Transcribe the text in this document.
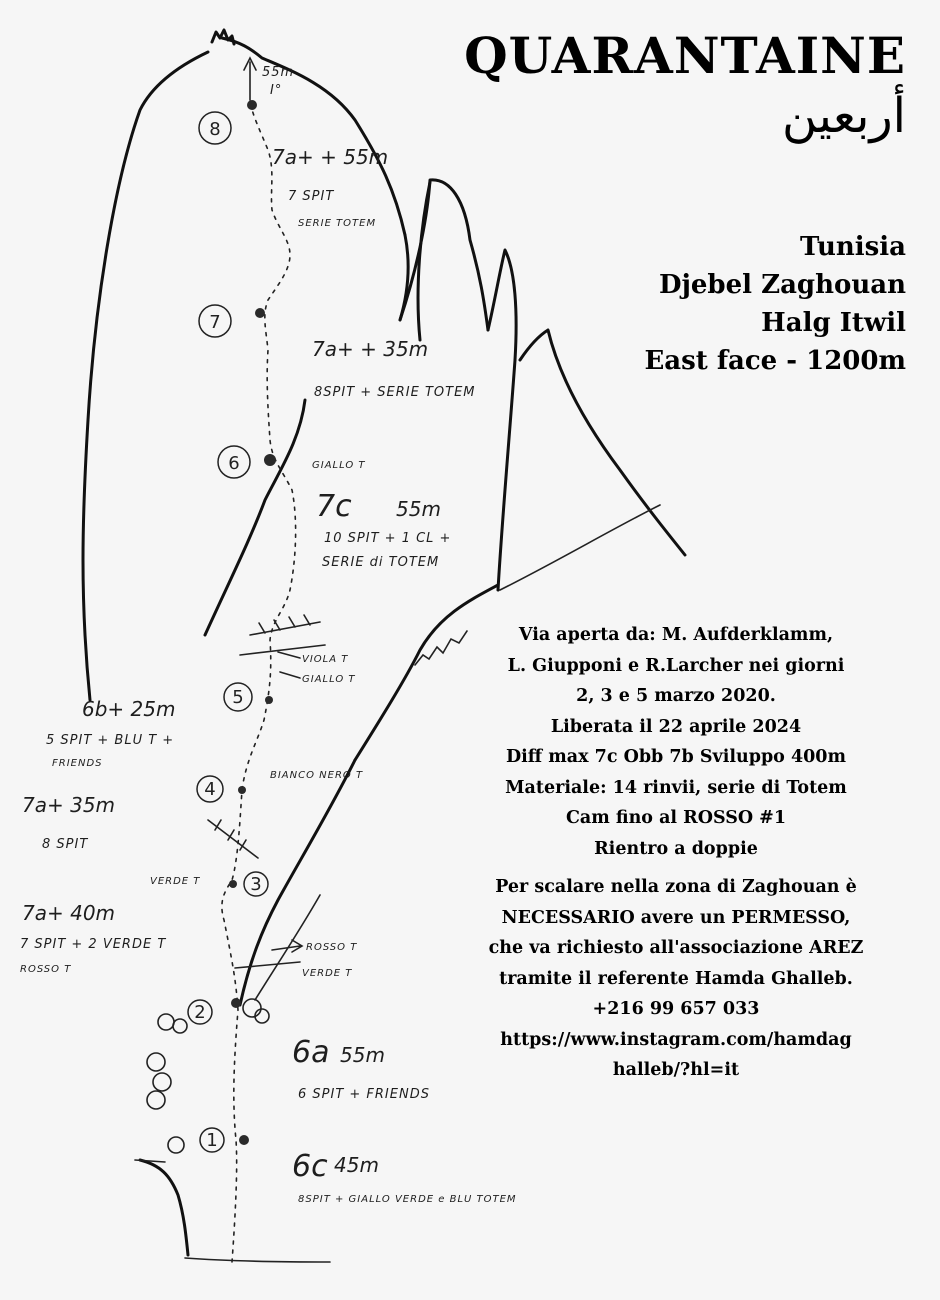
8
7
6
5
4
3
2
1
55m
I°
7a+ + 55m
7 SPIT
SERIE TOTEM
7a+ + 35m
8SPIT + SERIE TOTEM
GIALLO T
7c 55m
10 SPIT + 1 CL +
SERIE di TOTEM
VIOLA T
GIALLO T
6b+ 25m
5 SPIT + BLU T +
FRIENDS
BIANCO NERO T
7a+ 35m
8 SPIT
VERDE T
7a+ 40m
7 SPIT + 2 VERDE T
ROSSO T
ROSSO T
VERDE T
6a 55m
6 SPIT + FRIENDS
6c 45m
8SPIT + GIALLO VERDE e BLU TOTEM
QUARANTAINE
أربعين
Tunisia
Djebel Zaghouan
Halg Itwil
East face - 1200m
Via aperta da: M. Aufderklamm,
L. Giupponi e R.Larcher nei giorni
2, 3 e 5 marzo 2020.
Liberata il 22 aprile 2024
Diff max 7c Obb 7b Sviluppo 400m
Materiale: 14 rinvii, serie di Totem
Cam fino al ROSSO #1
Rientro a doppie
Per scalare nella zona di Zaghouan è
NECESSARIO avere un PERMESSO,
che va richiesto all'associazione AREZ
tramite il referente Hamda Ghalleb.
+216 99 657 033
https://www.instagram.com/hamdag
halleb/?hl=it
